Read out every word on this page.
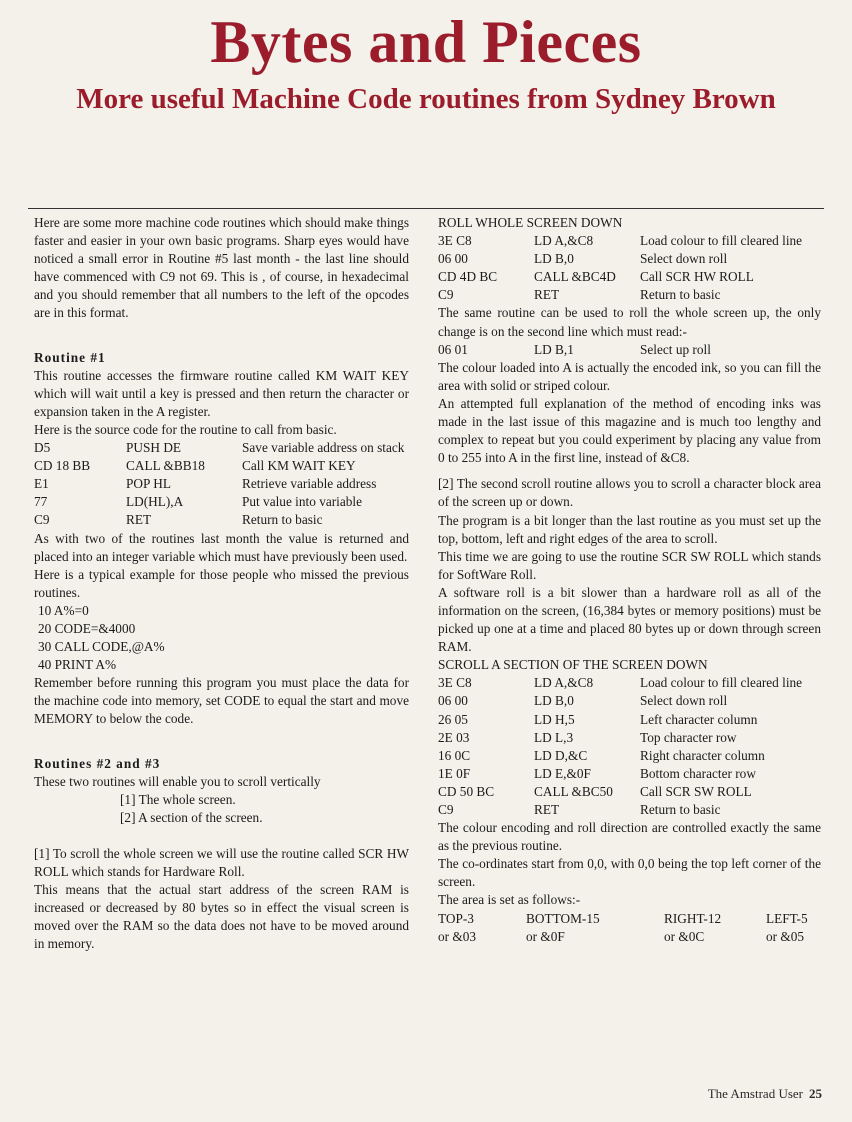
Bytes and Pieces
More useful Machine Code routines from Sydney Brown

Here are some more machine code routines which should make things faster and easier in your own basic programs. Sharp eyes would have noticed a small error in Routine #5 last month - the last line should have commenced with C9 not 69. This is , of course, in hexadecimal and you should remember that all numbers to the left of the opcodes are in this format.

Routine #1

This routine accesses the firmware routine called KM WAIT KEY which will wait until a key is pressed and then return the character or expansion taken in the A register.

Here is the source code for the routine to call from basic.

D5	PUSH DE	Save variable address on stack
CD 18 BB	CALL &BB18	Call KM WAIT KEY
E1	POP HL	Retrieve variable address
77	LD(HL),A	Put value into variable
C9	RET	Return to basic

As with two of the routines last month the value is returned and placed into an integer variable which must have previously been used.

Here is a typical example for those people who missed the previous routines.

10 A%=0
20 CODE=&4000
30 CALL CODE,@A%
40 PRINT A%

Remember before running this program you must place the data for the machine code into memory, set CODE to equal the start and move MEMORY to below the code.

Routines #2 and #3

These two routines will enable you to scroll vertically

[1] The whole screen.
[2] A section of the screen.

[1] To scroll the whole screen we will use the routine called SCR HW ROLL which stands for Hardware Roll.

This means that the actual start address of the screen RAM is increased or decreased by 80 bytes so in effect the visual screen is moved over the RAM so the data does not have to be moved around in memory.

ROLL WHOLE SCREEN DOWN

3E C8	LD A,&C8	Load colour to fill cleared line
06 00	LD B,0	Select down roll
CD 4D BC	CALL &BC4D	Call SCR HW ROLL
C9	RET	Return to basic

The same routine can be used to roll the whole screen up, the only change is on the second line which must read:-

06 01	LD B,1	Select up roll

The colour loaded into A is actually the encoded ink, so you can fill the area with solid or striped colour.

An attempted full explanation of the method of encoding inks was made in the last issue of this magazine and is much too lengthy and complex to repeat but you could experiment by placing any value from 0 to 255 into A in the first line, instead of &C8.

[2] The second scroll routine allows you to scroll a character block area of the screen up or down.

The program is a bit longer than the last routine as you must set up the top, bottom, left and right edges of the area to scroll.

This time we are going to use the routine SCR SW ROLL which stands for SoftWare Roll.

A software roll is a bit slower than a hardware roll as all of the information on the screen, (16,384 bytes or memory positions) must be picked up one at a time and placed 80 bytes up or down through screen RAM.

SCROLL A SECTION OF THE SCREEN DOWN

3E C8	LD A,&C8	Load colour to fill cleared line
06 00	LD B,0	Select down roll
26 05	LD H,5	Left character column
2E 03	LD L,3	Top character row
16 0C	LD D,&C	Right character column
1E 0F	LD E,&0F	Bottom character row
CD 50 BC	CALL &BC50	Call SCR SW ROLL
C9	RET	Return to basic

The colour encoding and roll direction are controlled exactly the same as the previous routine.

The co-ordinates start from 0,0, with 0,0 being the top left corner of the screen.

The area is set as follows:-

TOP-3	BOTTOM-15	RIGHT-12	LEFT-5
or &03	or &0F	or &0C	or &05
The Amstrad User 25
